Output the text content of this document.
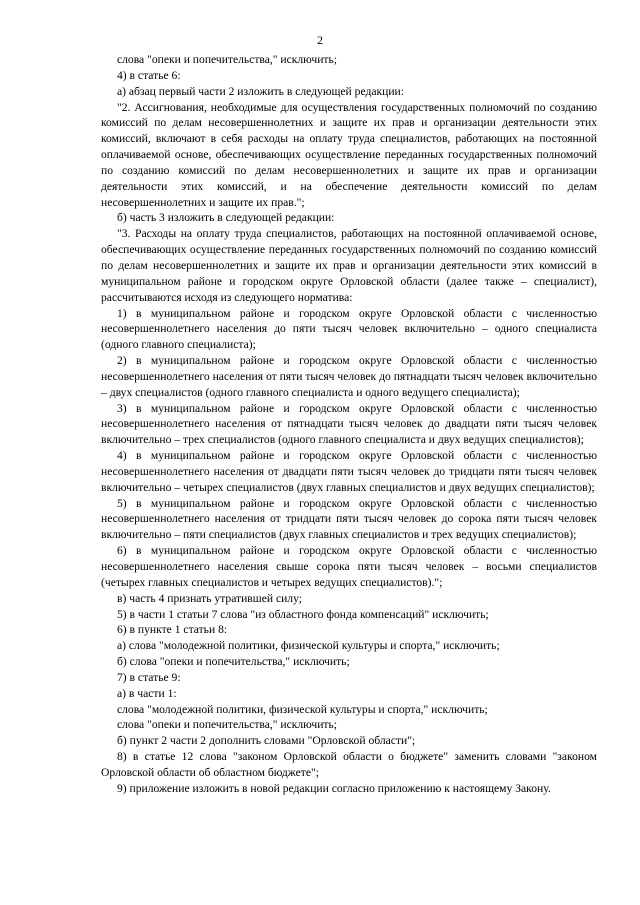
2

слова "опеки и попечительства," исключить;

4) в статье 6:

а) абзац первый части 2 изложить в следующей редакции:

"2. Ассигнования, необходимые для осуществления государственных полномочий по созданию комиссий по делам несовершеннолетних и защите их прав и организации деятельности этих комиссий, включают в себя расходы на оплату труда специалистов, работающих на постоянной оплачиваемой основе, обеспечивающих осуществление переданных государственных полномочий по созданию комиссий по делам несовершеннолетних и защите их прав и организации деятельности этих комиссий, и на обеспечение деятельности комиссий по делам несовершеннолетних и защите их прав.";

б) часть 3 изложить в следующей редакции:

"3. Расходы на оплату труда специалистов, работающих на постоянной оплачиваемой основе, обеспечивающих осуществление переданных государственных полномочий по созданию комиссий по делам несовершеннолетних и защите их прав и организации деятельности этих комиссий в муниципальном районе и городском округе Орловской области (далее также – специалист), рассчитываются исходя из следующего норматива:

1) в муниципальном районе и городском округе Орловской области с численностью несовершеннолетнего населения до пяти тысяч человек включительно – одного специалиста (одного главного специалиста);

2) в муниципальном районе и городском округе Орловской области с численностью несовершеннолетнего населения от пяти тысяч человек до пятнадцати тысяч человек включительно – двух специалистов (одного главного специалиста и одного ведущего специалиста);

3) в муниципальном районе и городском округе Орловской области с численностью несовершеннолетнего населения от пятнадцати тысяч человек до двадцати пяти тысяч человек включительно – трех специалистов (одного главного специалиста и двух ведущих специалистов);

4) в муниципальном районе и городском округе Орловской области с численностью несовершеннолетнего населения от двадцати пяти тысяч человек до тридцати пяти тысяч человек включительно – четырех специалистов (двух главных специалистов и двух ведущих специалистов);

5) в муниципальном районе и городском округе Орловской области с численностью несовершеннолетнего населения от тридцати пяти тысяч человек до сорока пяти тысяч человек включительно – пяти специалистов (двух главных специалистов и трех ведущих специалистов);

6) в муниципальном районе и городском округе Орловской области с численностью несовершеннолетнего населения свыше сорока пяти тысяч человек – восьми специалистов (четырех главных специалистов и четырех ведущих специалистов).";

в) часть 4 признать утратившей силу;

5) в части 1 статьи 7 слова "из областного фонда компенсаций" исключить;

6) в пункте 1 статьи 8:

а) слова "молодежной политики, физической культуры и спорта," исключить;

б) слова "опеки и попечительства," исключить;

7) в статье 9:

а) в части 1:

слова "молодежной политики, физической культуры и спорта," исключить;

слова "опеки и попечительства," исключить;

б) пункт 2 части 2 дополнить словами "Орловской области";

8) в статье 12 слова "законом Орловской области о бюджете" заменить словами "законом Орловской области об областном бюджете";

9) приложение изложить в новой редакции согласно приложению к настоящему Закону.
